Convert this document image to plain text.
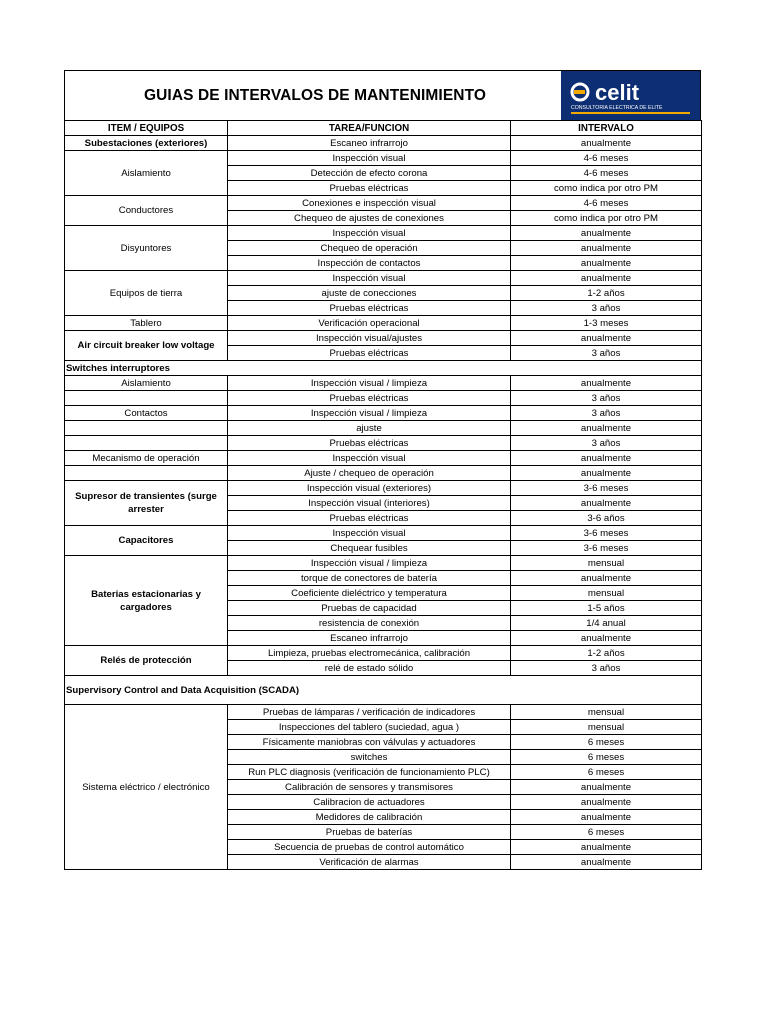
GUIAS DE INTERVALOS DE MANTENIMIENTO	celit
CONSULTORIA ELECTRICA DE ELITE
ITEM / EQUIPOS	TAREA/FUNCION	INTERVALO
Subestaciones (exteriores)	Escaneo infrarrojo	anualmente
Aislamiento	Inspección visual	4-6 meses
	Detección de efecto corona	4-6 meses
	Pruebas eléctricas	como indica por otro PM
Conductores	Conexiones e inspección visual	4-6 meses
	Chequeo de ajustes de conexiones	como indica por otro PM
Disyuntores	Inspección visual	anualmente
	Chequeo de operación	anualmente
	Inspección de contactos	anualmente
Equipos de tierra	Inspección visual	anualmente
	ajuste de conecciones	1-2 años
	Pruebas eléctricas	3 años
Tablero	Verificación operacional	1-3 meses
Air circuit breaker low voltage	Inspección visual/ajustes	anualmente
	Pruebas eléctricas	3 años
Switches interruptores		
Aislamiento	Inspección visual / limpieza	anualmente
	Pruebas eléctricas	3 años
Contactos	Inspección visual / limpieza	3 años
	ajuste	anualmente
	Pruebas eléctricas	3 años
Mecanismo de operación	Inspección visual	anualmente
	Ajuste / chequeo de operación	anualmente
Supresor de transientes (surge arrester	Inspección visual (exteriores)	3-6 meses
	Inspección visual (interiores)	anualmente
	Pruebas eléctricas	3-6 años
Capacitores	Inspección visual	3-6 meses
	Chequear fusibles	3-6 meses
Baterias estacionarias y cargadores	Inspección visual / limpieza	mensual
	torque de conectores de batería	anualmente
	Coeficiente dieléctrico y temperatura	mensual
	Pruebas de capacidad	1-5 años
	resistencia de conexión	1/4 anual
	Escaneo infrarrojo	anualmente
Relés de protección	Limpieza, pruebas electromecánica, calibración	1-2 años
	relé de estado sólido	3 años
Supervisory Control and Data Acquisition (SCADA)		
Sistema eléctrico / electrónico	Pruebas de lámparas / verificación de indicadores	mensual
	Inspecciones del tablero (suciedad, agua )	mensual
	Físicamente maniobras con válvulas y actuadores	6 meses
	switches	6 meses
	Run PLC diagnosis (verificación de funcionamiento PLC)	6 meses
	Calibración de sensores y transmisores	anualmente
	Calibracion de actuadores	anualmente
	Medidores de calibración	anualmente
	Pruebas de baterías	6 meses
	Secuencia de pruebas de control automático	anualmente
	Verificación de alarmas	anualmente
